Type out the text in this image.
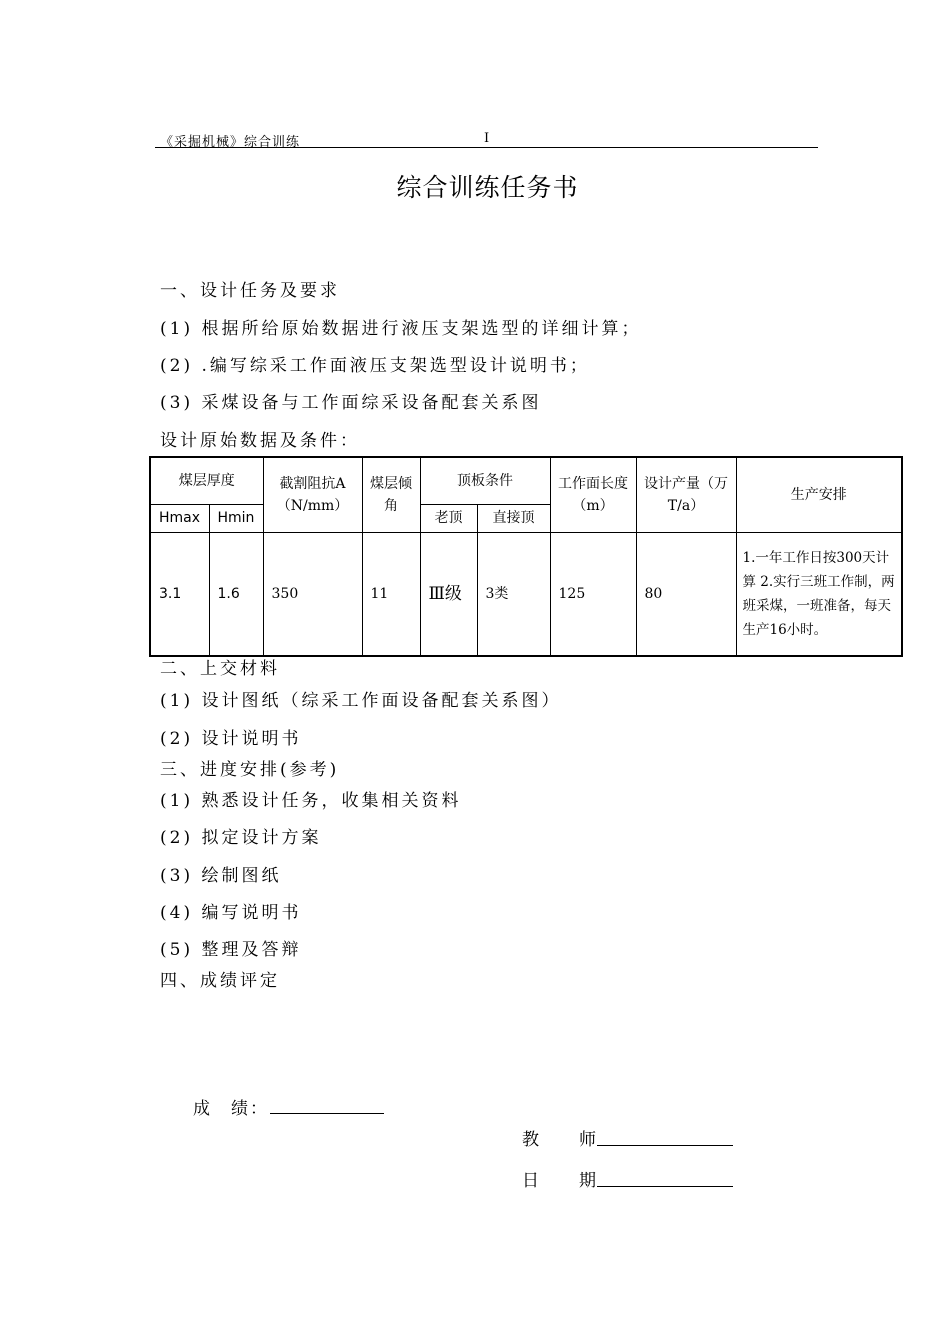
《采掘机械》综合训练	I
综合训练任务书
一、设计任务及要求
(1) 根据所给原始数据进行液压支架选型的详细计算；
(2) .编写综采工作面液压支架选型设计说明书；
(3) 采煤设备与工作面综采设备配套关系图
设计原始数据及条件：
煤层厚度		截割阻抗A（N/mm）	煤层倾角	顶板条件		工作面长度（m）	设计产量（万T/a）	生产安排
Hmax	Hmin			老顶	直接顶			
3.1	1.6	350	11	Ⅲ级	3类	125	80	1.一年工作日按300天计算 2.实行三班工作制，两班采煤，一班准备，每天生产16小时。
二、上交材料
(1) 设计图纸（综采工作面设备配套关系图）
(2) 设计说明书
三、进度安排(参考)
(1) 熟悉设计任务，收集相关资料
(2) 拟定设计方案
(3) 绘制图纸
(4) 编写说明书
(5) 整理及答辩
四、成绩评定
成　绩：
教　　师
日　　期
